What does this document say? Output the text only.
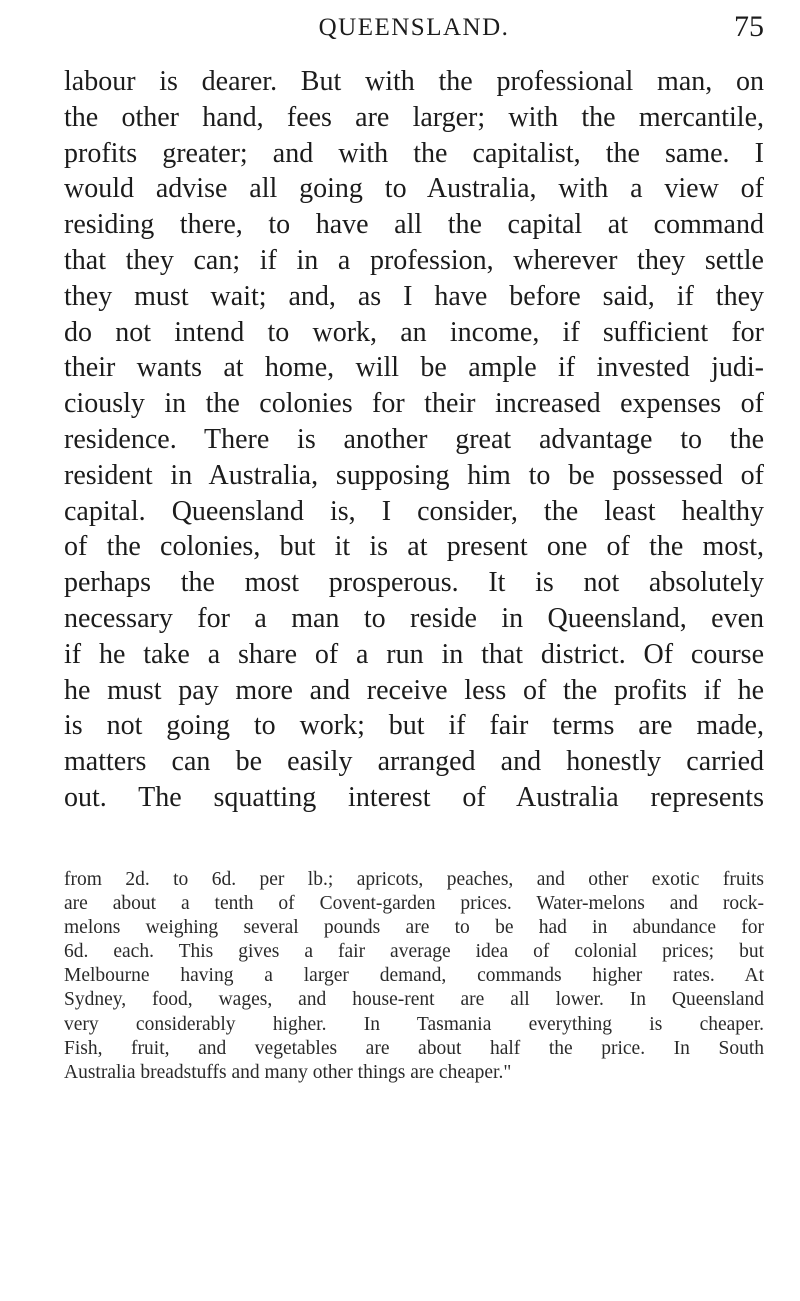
QUEENSLAND.	75
labour is dearer. But with the professional man, on
the other hand, fees are larger; with the mercantile,
profits greater; and with the capitalist, the same. I
would advise all going to Australia, with a view of
residing there, to have all the capital at command
that they can; if in a profession, wherever they settle
they must wait; and, as I have before said, if they
do not intend to work, an income, if sufficient for
their wants at home, will be ample if invested judi-
ciously in the colonies for their increased expenses of
residence. There is another great advantage to the
resident in Australia, supposing him to be possessed of
capital. Queensland is, I consider, the least healthy
of the colonies, but it is at present one of the most,
perhaps the most prosperous. It is not absolutely
necessary for a man to reside in Queensland, even
if he take a share of a run in that district. Of course
he must pay more and receive less of the profits if he
is not going to work; but if fair terms are made,
matters can be easily arranged and honestly carried
out. The squatting interest of Australia represents
from 2d. to 6d. per lb.; apricots, peaches, and other exotic fruits
are about a tenth of Covent-garden prices. Water-melons and rock-
melons weighing several pounds are to be had in abundance for
6d. each. This gives a fair average idea of colonial prices; but
Melbourne having a larger demand, commands higher rates. At
Sydney, food, wages, and house-rent are all lower. In Queensland
very considerably higher. In Tasmania everything is cheaper.
Fish, fruit, and vegetables are about half the price. In South
Australia breadstuffs and many other things are cheaper."
